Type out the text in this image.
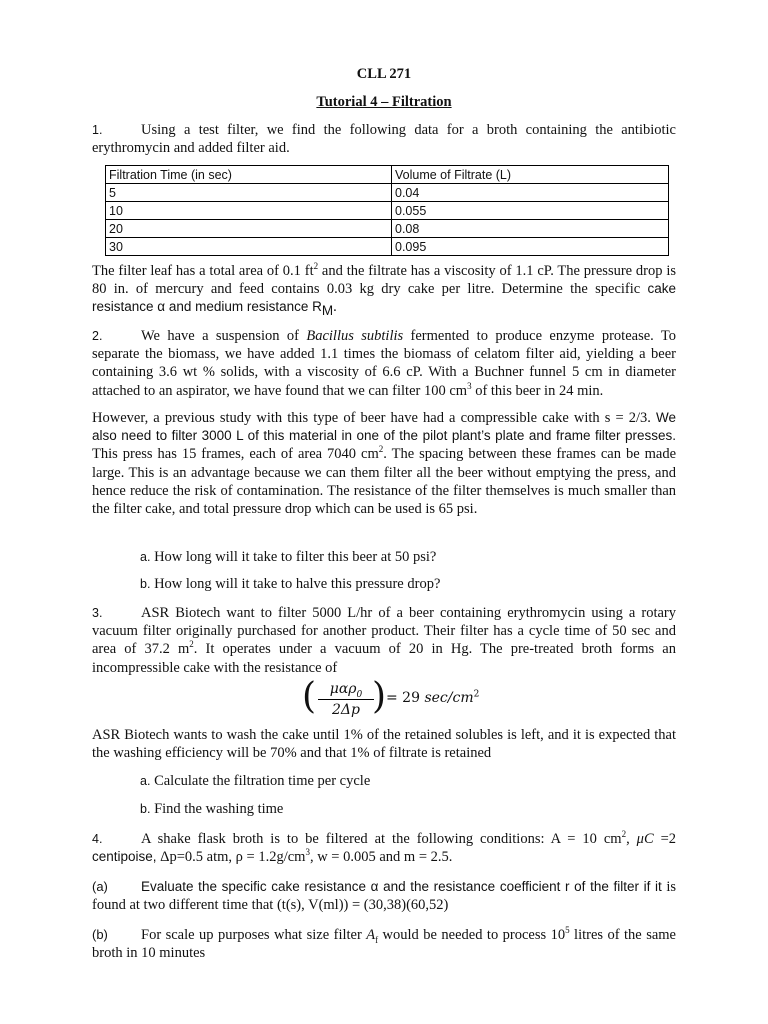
CLL 271
Tutorial 4 – Filtration

1.	Using a test filter, we find the following data for a broth containing the antibiotic erythromycin and added filter aid.

Filtration Time (in sec)	Volume of Filtrate (L)
5	0.04
10	0.055
20	0.08
30	0.095

The filter leaf has a total area of 0.1 $ft^2$ and the filtrate has a viscosity of 1.1 cP. The pressure drop is 80 in. of mercury and feed contains 0.03 kg dry cake per litre. Determine the specific cake resistance α and medium resistance $R_M$.

2.	We have a suspension of Bacillus subtilis fermented to produce enzyme protease. To separate the biomass, we have added 1.1 times the biomass of celatom filter aid, yielding a beer containing 3.6 wt % solids, with a viscosity of 6.6 cP. With a Buchner funnel 5 cm in diameter attached to an aspirator, we have found that we can filter 100 $cm^3$ of this beer in 24 min.

However, a previous study with this type of beer have had a compressible cake with s = 2/3. We also need to filter 3000 L of this material in one of the pilot plant’s plate and frame filter presses. This press has 15 frames, each of area 7040 $cm^2$. The spacing between these frames can be made large. This is an advantage because we can them filter all the beer without emptying the press, and hence reduce the risk of contamination. The resistance of the filter themselves is much smaller than the filter cake, and total pressure drop which can be used is 65 psi.

a. How long will it take to filter this beer at 50 psi?
b. How long will it take to halve this pressure drop?

3.	ASR Biotech want to filter 5000 L/hr of a beer containing erythromycin using a rotary vacuum filter originally purchased for another product. Their filter has a cycle time of 50 sec and area of 37.2 $m^2$. It operates under a vacuum of 20 in Hg. The pre-treated broth forms an incompressible cake with the resistance of

( μαρ$_0$
2Δp ) = 29 $\sec/cm^2$

ASR Biotech wants to wash the cake until 1% of the retained solubles is left, and it is expected that the washing efficiency will be 70% and that 1% of filtrate is retained

a. Calculate the filtration time per cycle
b. Find the washing time

4.	A shake flask broth is to be filtered at the following conditions: A = 10 $cm^2$, μC =2 centipoise, Δp=0.5 atm, $\rho = 1.2g/cm^3$, w = 0.005 and m = 2.5.

(a) Evaluate the specific cake resistance α and the resistance coefficient r of the filter if it is found at two different time that (t(s), V(ml)) = (30,38)(60,52)

(b) For scale up purposes what size filter $A_f$ would be needed to process $10^5$ litres of the same broth in 10 minutes
